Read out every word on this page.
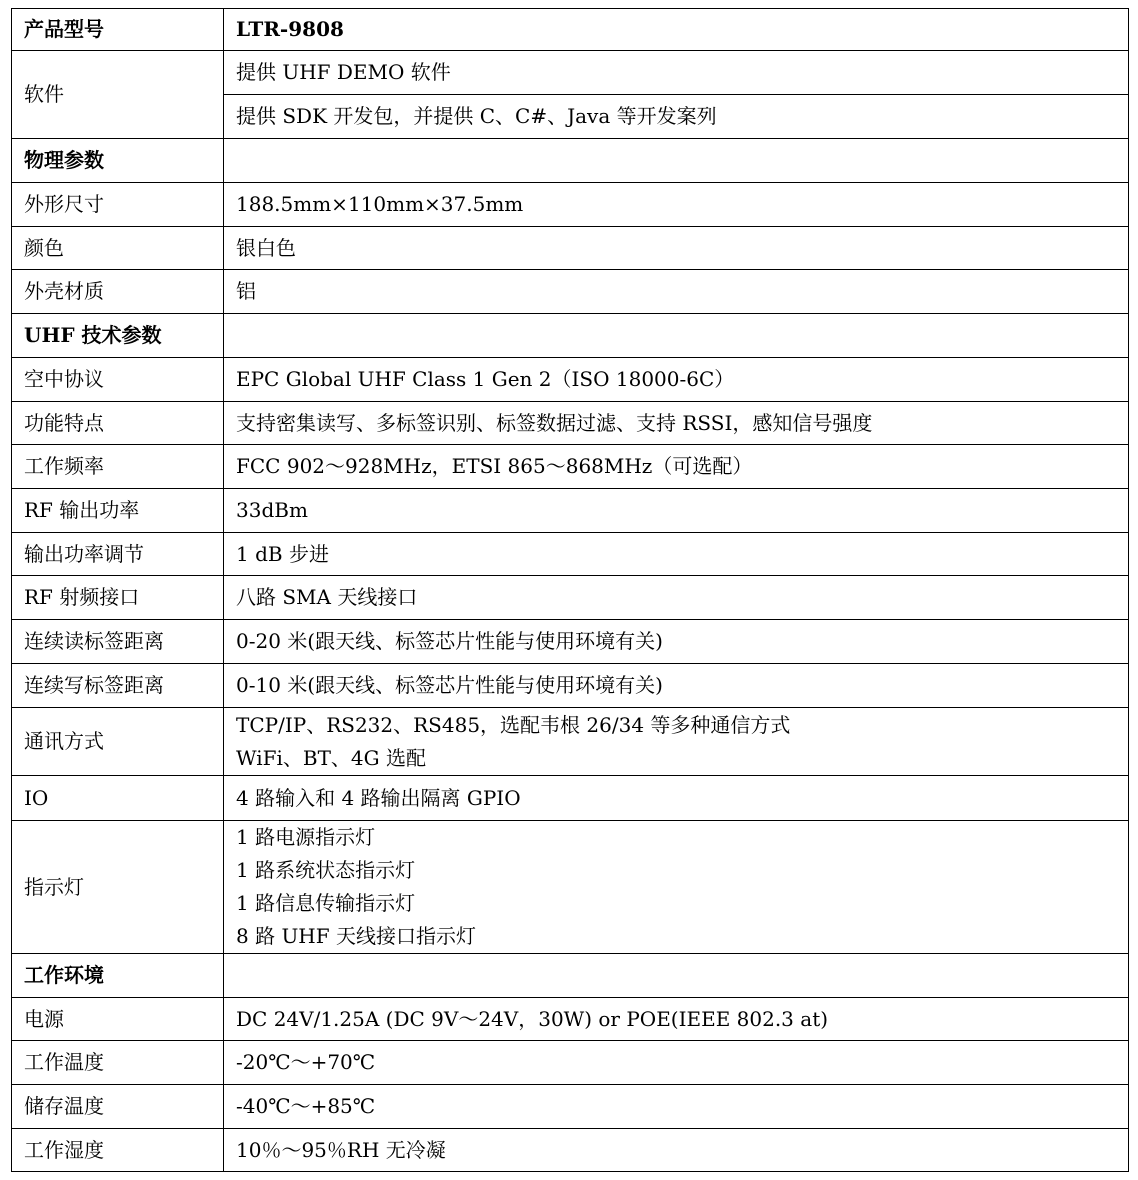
产品型号	LTR-9808
软件	提供 UHF DEMO 软件
	提供 SDK 开发包，并提供 C、C#、Java 等开发案列
物理参数	
外形尺寸	188.5mm×110mm×37.5mm
颜色	银白色
外壳材质	铝
UHF 技术参数	
空中协议	EPC Global UHF Class 1 Gen 2（ISO 18000-6C）
功能特点	支持密集读写、多标签识别、标签数据过滤、支持 RSSI，感知信号强度
工作频率	FCC 902～928MHz，ETSI 865～868MHz（可选配）
RF 输出功率	33dBm
输出功率调节	1 dB 步进
RF 射频接口	八路 SMA 天线接口
连续读标签距离	0-20 米(跟天线、标签芯片性能与使用环境有关)
连续写标签距离	0-10 米(跟天线、标签芯片性能与使用环境有关)
通讯方式	TCP/IP、RS232、RS485，选配韦根 26/34 等多种通信方式
WiFi、BT、4G 选配

IO	4 路输入和 4 路输出隔离 GPIO
指示灯	1 路电源指示灯
1 路系统状态指示灯
1 路信息传输指示灯
8 路 UHF 天线接口指示灯

工作环境	
电源	DC 24V/1.25A (DC 9V～24V，30W) or POE(IEEE 802.3 at)
工作温度	-20℃～+70℃
储存温度	-40℃～+85℃
工作湿度	10％～95％RH 无冷凝
